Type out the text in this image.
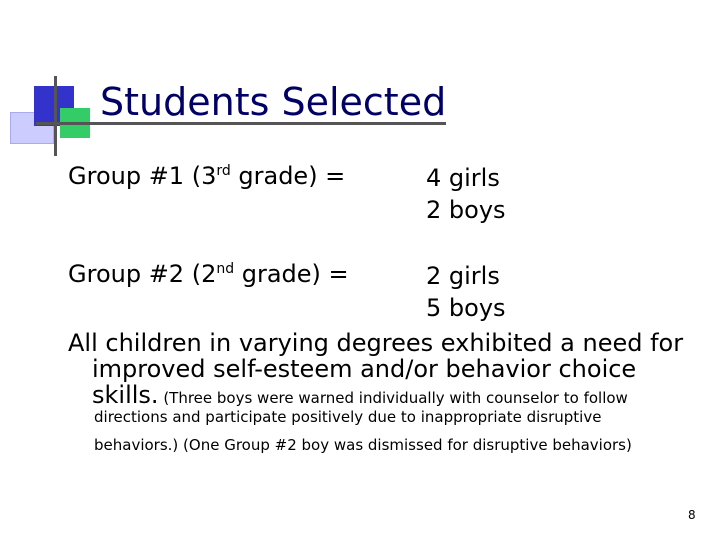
Students Selected
Group #1 (3rd grade) =	4 girls
2 boys
Group #2 (2nd grade) =	2 girls
5 boys
All children in varying degrees exhibited a need for
improved self-esteem and/or behavior choice
skills. (Three boys were warned individually with counselor to follow
directions and participate positively due to inappropriate disruptive
behaviors.) (One Group #2 boy was dismissed for disruptive behaviors)
8
